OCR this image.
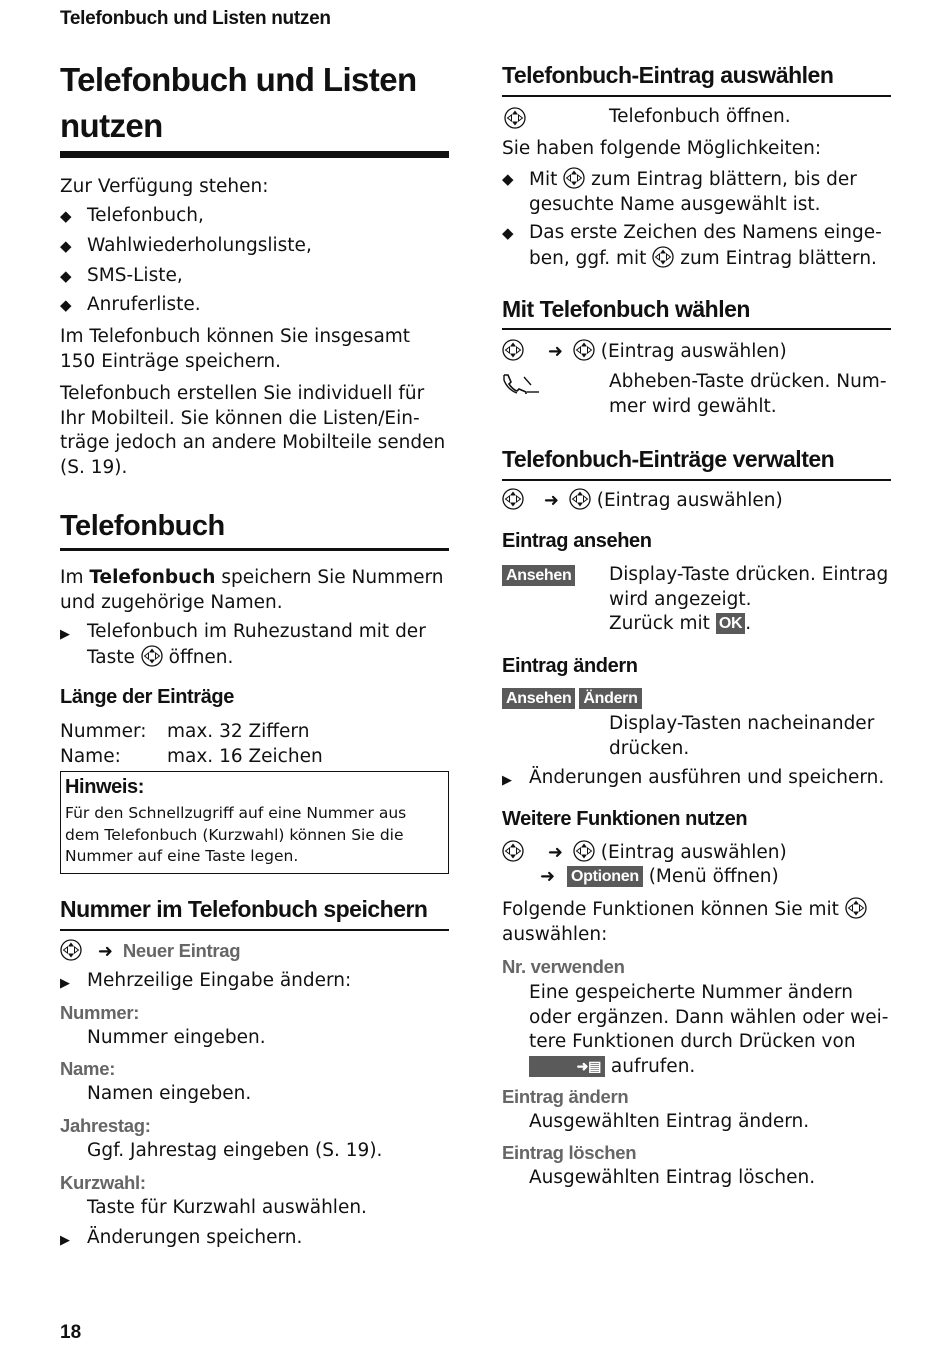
Telefonbuch und Listen nutzen
Telefonbuch und Listen
nutzen
Zur Verfügung stehen:
◆ Telefonbuch,
◆ Wahlwiederholungsliste,
◆ SMS-Liste,
◆ Anruferliste.
Im Telefonbuch können Sie insgesamt
150 Einträge speichern.
Telefonbuch erstellen Sie individuell für
Ihr Mobilteil. Sie können die Listen/Ein-
träge jedoch an andere Mobilteile senden
(S. 19).
Telefonbuch
Im Telefonbuch speichern Sie Nummern
und zugehörige Namen.
▶ Telefonbuch im Ruhezustand mit der
Taste öffnen.
Länge der Einträge
Nummer: max. 32 Ziffern
Name: max. 16 Zeichen
Hinweis:
Für den Schnellzugriff auf eine Nummer aus
dem Telefonbuch (Kurzwahl) können Sie die
Nummer auf eine Taste legen.
Nummer im Telefonbuch speichern
➜ Neuer Eintrag
▶ Mehrzeilige Eingabe ändern:
Nummer:
Nummer eingeben.
Name:
Namen eingeben.
Jahrestag:
Ggf. Jahrestag eingeben (S. 19).
Kurzwahl:
Taste für Kurzwahl auswählen.
▶ Änderungen speichern.
Telefonbuch-Eintrag auswählen
Telefonbuch öffnen.
Sie haben folgende Möglichkeiten:
◆ Mit zum Eintrag blättern, bis der
gesuchte Name ausgewählt ist.
◆ Das erste Zeichen des Namens einge-
ben, ggf. mit zum Eintrag blättern.
Mit Telefonbuch wählen
➜ (Eintrag auswählen)
Abheben-Taste drücken. Num-
mer wird gewählt.
Telefonbuch-Einträge verwalten
➜ (Eintrag auswählen)
Eintrag ansehen
Ansehen Display-Taste drücken. Eintrag
wird angezeigt.
Zurück mit OK .
Eintrag ändern
Ansehen Ändern
Display-Tasten nacheinander
drücken.
▶ Änderungen ausführen und speichern.
Weitere Funktionen nutzen
➜ (Eintrag auswählen)
➜ Optionen (Menü öffnen)
Folgende Funktionen können Sie mit
auswählen:
Nr. verwenden
Eine gespeicherte Nummer ändern
oder ergänzen. Dann wählen oder wei-
tere Funktionen durch Drücken von
➜▤ aufrufen.
Eintrag ändern
Ausgewählten Eintrag ändern.
Eintrag löschen
Ausgewählten Eintrag löschen.
18
